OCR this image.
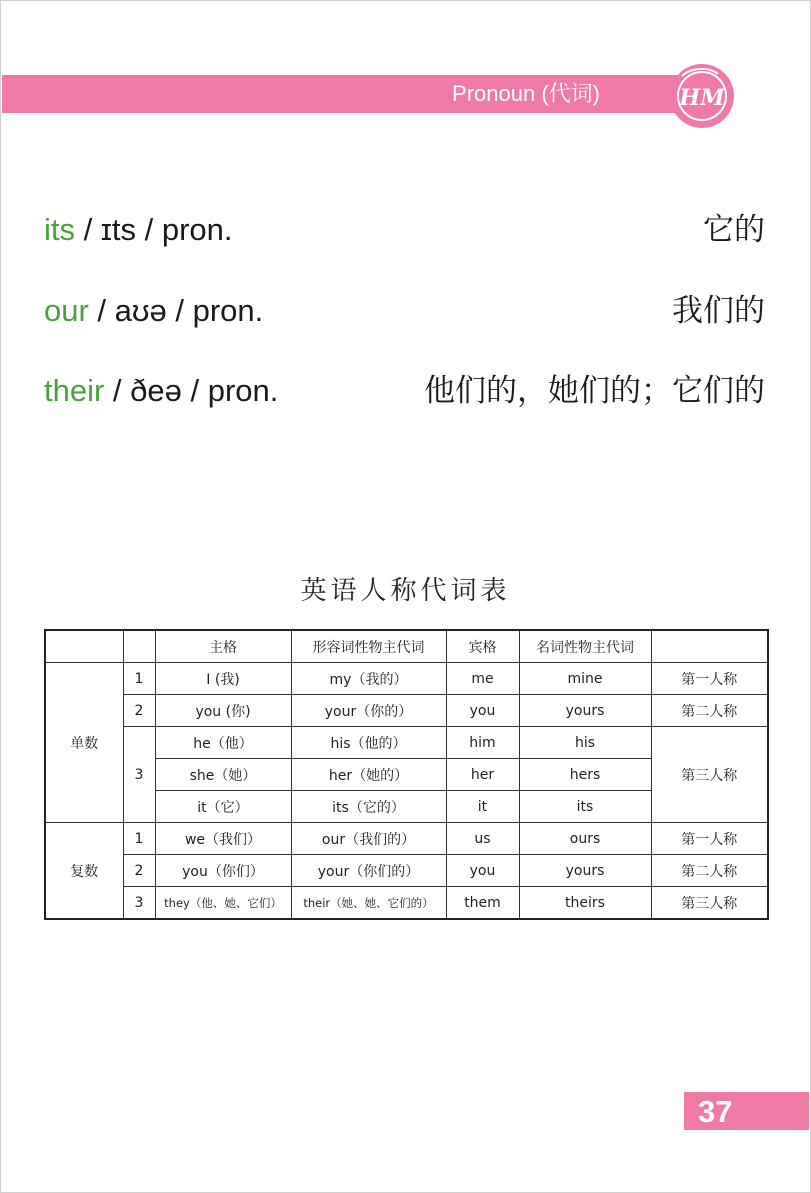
Pronoun (代词)	HM
its / ɪts / pron.	它的
our / aʊə / pron.	我们的
their / ðeə / pron.	他们的，她们的；它们的
英语人称代词表
		主格	形容词性物主代词	宾格	名词性物主代词	
单数	1	I (我)	my（我的）	me	mine	第一人称
	2	you (你)	your（你的）	you	yours	第二人称
	3	he（他）	his（他的）	him	his	第三人称
		she（她）	her（她的）	her	hers	
		it（它）	its（它的）	it	its	
复数	1	we（我们）	our（我们的）	us	ours	第一人称
	2	you（你们）	your（你们的）	you	yours	第二人称
	3	they（他、她、它们）	their（她、她、它们的）	them	theirs	第三人称
37
